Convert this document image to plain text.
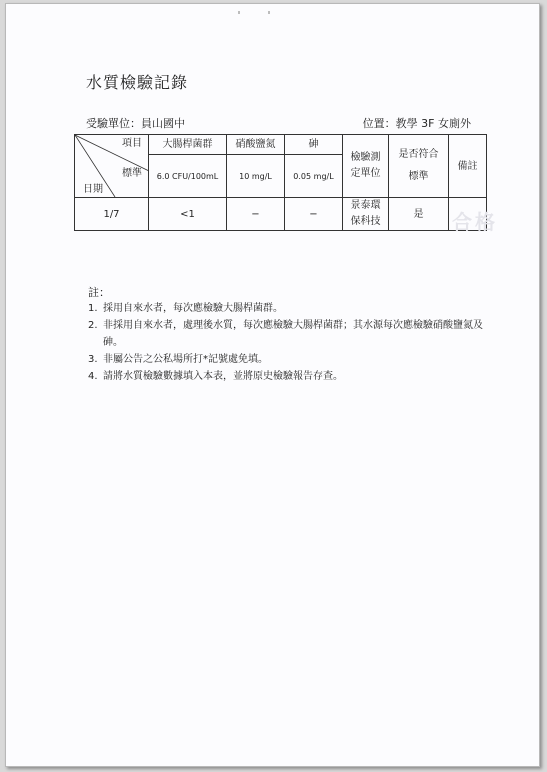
水質檢驗記錄
受驗單位：員山國中	位置：教學 3F 女廁外
項目
標準
日期	大腸桿菌群	硝酸鹽氮	砷	檢驗測定單位	是否符合標準	備註
	6.0 CFU/100mL	10 mg/L	0.05 mg/L			
1/7	<1	−	−	景泰環保科技	是	合格
註：
1. 採用自來水者，每次應檢驗大腸桿菌群。
2. 非採用自來水者，處理後水質，每次應檢驗大腸桿菌群；其水源每次應檢驗硝酸鹽氮及砷。
3. 非屬公告之公私場所打*記號處免填。
4. 請將水質檢驗數據填入本表，並將原史檢驗報告存查。
